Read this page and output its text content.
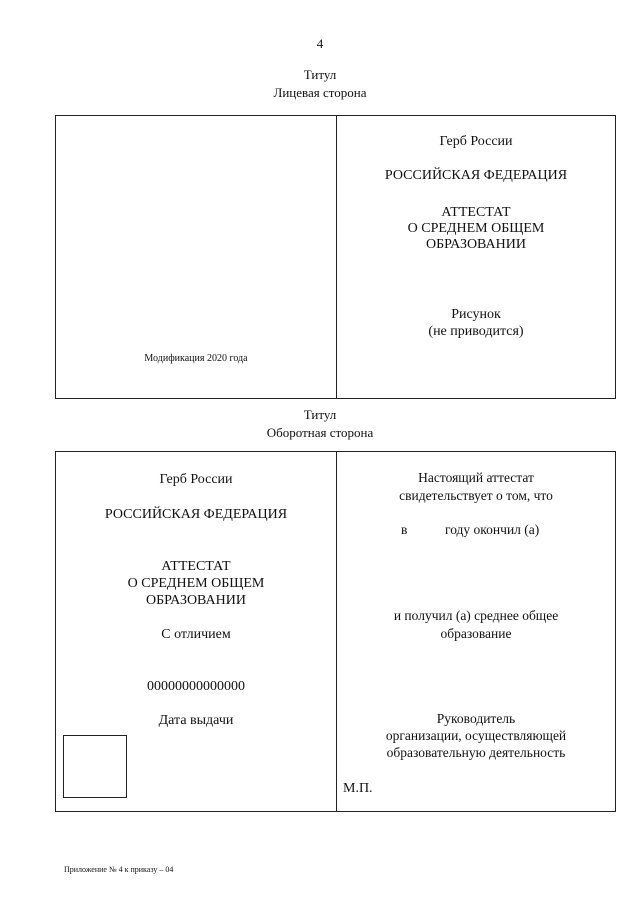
4
Титул
Лицевая сторона
Модификация 2020 года
Герб России
РОССИЙСКАЯ ФЕДЕРАЦИЯ
АТТЕСТАТ
О СРЕДНЕМ ОБЩЕМ
ОБРАЗОВАНИИ
Рисунок
(не приводится)
Титул
Оборотная сторона
Герб России
РОССИЙСКАЯ ФЕДЕРАЦИЯ
АТТЕСТАТ
О СРЕДНЕМ ОБЩЕМ
ОБРАЗОВАНИИ
С отличием
00000000000000
Дата выдачи
Настоящий аттестат
свидетельствует о том, что
в	году окончил (а)
и получил (а) среднее общее
образование
Руководитель
организации, осуществляющей
образовательную деятельность
М.П.
Приложение № 4 к приказу – 04
